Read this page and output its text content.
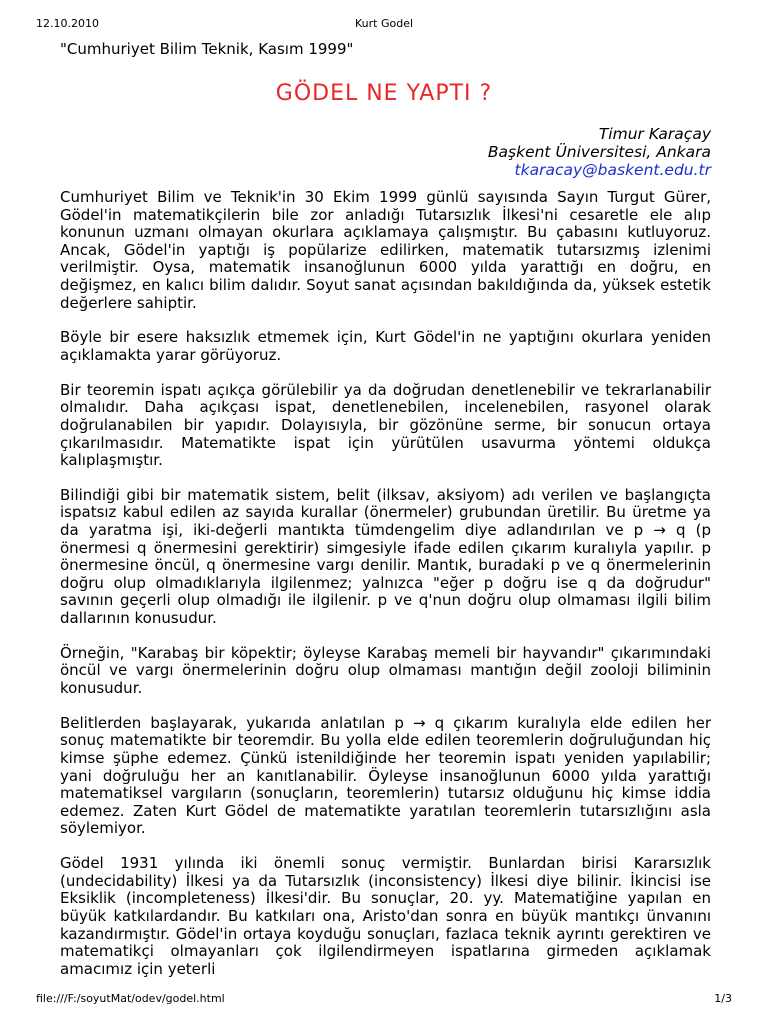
12.10.2010	Kurt Godel
"Cumhuriyet Bilim Teknik, Kasım 1999"
GÖDEL NE YAPTI ?
Timur Karaçay
Başkent Üniversitesi, Ankara
tkaracay@baskent.edu.tr

Cumhuriyet Bilim ve Teknik'in 30 Ekim 1999 günlü sayısında Sayın Turgut Gürer, Gödel'in matematikçilerin bile zor anladığı Tutarsızlık İlkesi'ni cesaretle ele alıp konunun uzmanı olmayan okurlara açıklamaya çalışmıştır. Bu çabasını kutluyoruz. Ancak, Gödel'in yaptığı iş popülarize edilirken, matematik tutarsızmış izlenimi verilmiştir. Oysa, matematik insanoğlunun 6000 yılda yarattığı en doğru, en değişmez, en kalıcı bilim dalıdır. Soyut sanat açısından bakıldığında da, yüksek estetik değerlere sahiptir.

Böyle bir esere haksızlık etmemek için, Kurt Gödel'in ne yaptığını okurlara yeniden açıklamakta yarar görüyoruz.

Bir teoremin ispatı açıkça görülebilir ya da doğrudan denetlenebilir ve tekrarlanabilir olmalıdır. Daha açıkçası ispat, denetlenebilen, incelenebilen, rasyonel olarak doğrulanabilen bir yapıdır. Dolayısıyla, bir gözönüne serme, bir sonucun ortaya çıkarılmasıdır. Matematikte ispat için yürütülen usavurma yöntemi oldukça kalıplaşmıştır.

Bilindiği gibi bir matematik sistem, belit (ilksav, aksiyom) adı verilen ve başlangıçta ispatsız kabul edilen az sayıda kurallar (önermeler) grubundan üretilir. Bu üretme ya da yaratma işi, iki-değerli mantıkta tümdengelim diye adlandırılan ve p → q (p önermesi q önermesini gerektirir) simgesiyle ifade edilen çıkarım kuralıyla yapılır. p önermesine öncül, q önermesine vargı denilir. Mantık, buradaki p ve q önermelerinin doğru olup olmadıklarıyla ilgilenmez; yalnızca "eğer p doğru ise q da doğrudur" savının geçerli olup olmadığı ile ilgilenir. p ve q'nun doğru olup olmaması ilgili bilim dallarının konusudur.

Örneğin, "Karabaş bir köpektir; öyleyse Karabaş memeli bir hayvandır" çıkarımındaki öncül ve vargı önermelerinin doğru olup olmaması mantığın değil zooloji biliminin konusudur.

Belitlerden başlayarak, yukarıda anlatılan p → q çıkarım kuralıyla elde edilen her sonuç matematikte bir teoremdir. Bu yolla elde edilen teoremlerin doğruluğundan hiç kimse şüphe edemez. Çünkü istenildiğinde her teoremin ispatı yeniden yapılabilir; yani doğruluğu her an kanıtlanabilir. Öyleyse insanoğlunun 6000 yılda yarattığı matematiksel vargıların (sonuçların, teoremlerin) tutarsız olduğunu hiç kimse iddia edemez. Zaten Kurt Gödel de matematikte yaratılan teoremlerin tutarsızlığını asla söylemiyor.

Gödel 1931 yılında iki önemli sonuç vermiştir. Bunlardan birisi Kararsızlık (undecidability) İlkesi ya da Tutarsızlık (inconsistency) İlkesi diye bilinir. İkincisi ise Eksiklik (incompleteness) İlkesi'dir. Bu sonuçlar, 20. yy. Matematiğine yapılan en büyük katkılardandır. Bu katkıları ona, Aristo'dan sonra en büyük mantıkçı ünvanını kazandırmıştır. Gödel'in ortaya koyduğu sonuçları, fazlaca teknik ayrıntı gerektiren ve matematikçi olmayanları çok ilgilendirmeyen ispatlarına girmeden açıklamak amacımız için yeterli

file:///F:/soyutMat/odev/godel.html	1/3
